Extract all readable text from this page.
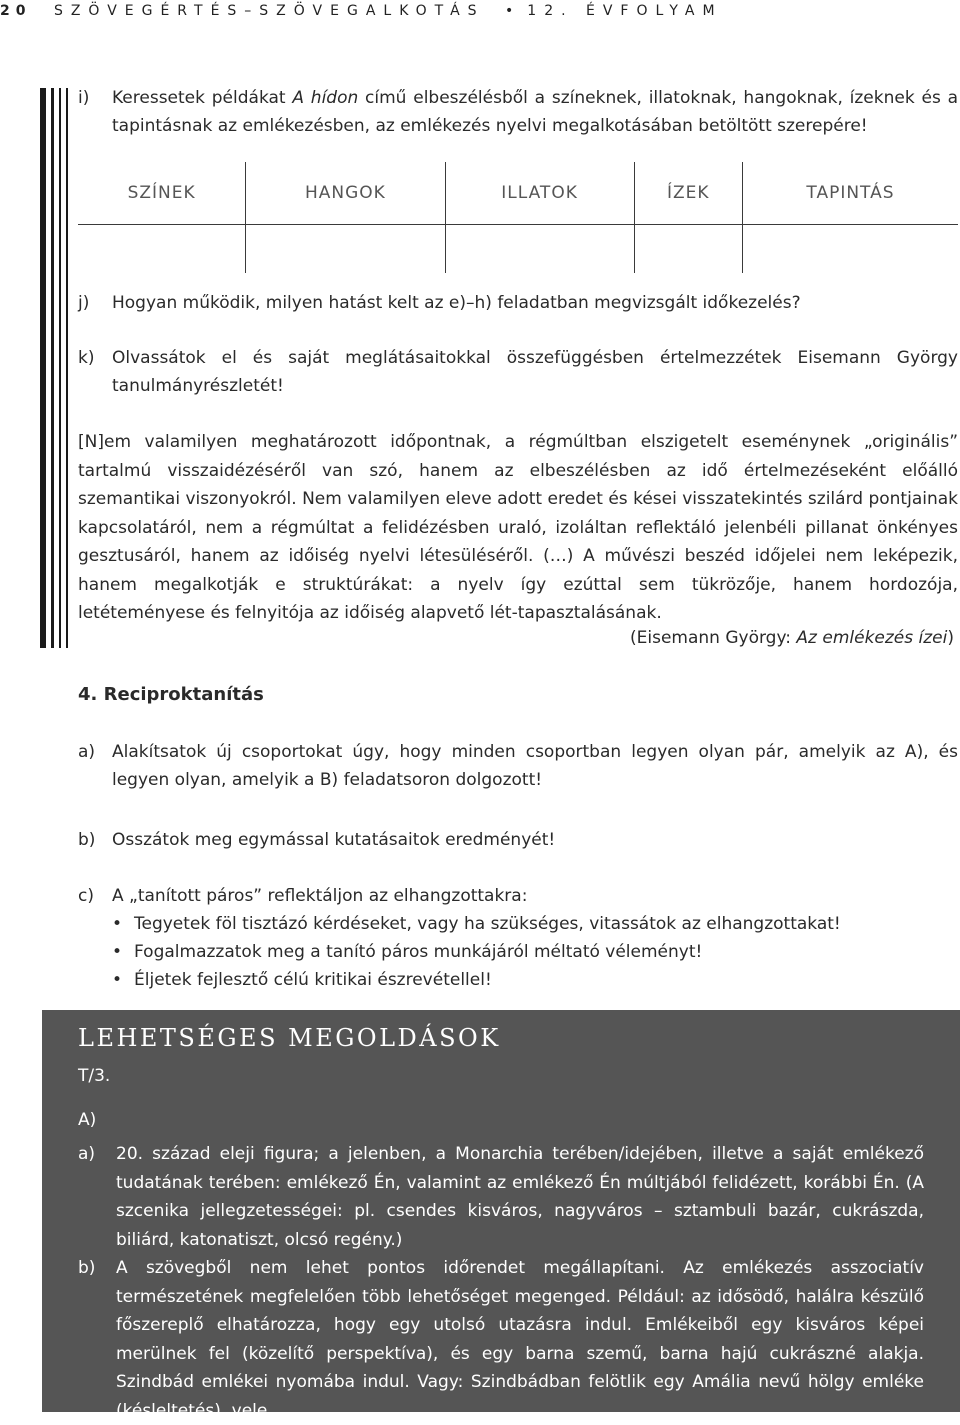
20 SZÖVEGÉRTÉS–SZÖVEGALKOTÁS • 12. ÉVFOLYAM
i) Keressetek példákat A hídon című elbeszélésből a színeknek, illatoknak, hangoknak, ízeknek és a tapintásnak az emlékezésben, az emlékezés nyelvi megalkotásában betöltött szerepére!
SZÍNEK	HANGOK	ILLATOK	ÍZEK	TAPINTÁS

j) Hogyan működik, milyen hatást kelt az e)–h) feladatban megvizsgált időkezelés?
k) Olvassátok el és saját meglátásaitokkal összefüggésben értelmezzétek Eisemann György tanulmányrészletét!
[N]em valamilyen meghatározott időpontnak, a régmúltban elszigetelt eseménynek „originális” tartalmú visszaidézéséről van szó, hanem az elbeszélésben az idő értelmezéseként előálló szemantikai viszonyokról. Nem valamilyen eleve adott eredet és kései visszatekintés szilárd pontjainak kapcsolatáról, nem a régmúltat a felidézésben uraló, izoláltan reflektáló jelenbéli pillanat önkényes gesztusáról, hanem az időiség nyelvi létesüléséről. (…) A művészi beszéd időjelei nem leképezik, hanem megalkotják e struktúrákat: a nyelv így ezúttal sem tükrözője, hanem hordozója, letéteményese és felnyitója az időiség alapvető lét-tapasztalásának.
(Eisemann György: Az emlékezés ízei)
4. Reciproktanítás
a) Alakítsatok új csoportokat úgy, hogy minden csoportban legyen olyan pár, amelyik az A), és legyen olyan, amelyik a B) feladatsoron dolgozott!
b) Osszátok meg egymással kutatásaitok eredményét!
c) A „tanított páros” reflektáljon az elhangzottakra:
• Tegyetek föl tisztázó kérdéseket, vagy ha szükséges, vitassátok az elhangzottakat!
• Fogalmazzatok meg a tanító páros munkájáról méltató véleményt!
• Éljetek fejlesztő célú kritikai észrevétellel!
LEHETSÉGES MEGOLDÁSOK
T/3.
A)
a) 20. század eleji figura; a jelenben, a Monarchia terében/idejében, illetve a saját emlékező tudatának terében: emlékező Én, valamint az emlékező Én múltjából felidézett, korábbi Én. (A szcenika jellegzetességei: pl. csendes kisváros, nagyváros – sztambuli bazár, cukrászda, biliárd, katonatiszt, olcsó regény.)
b) A szövegből nem lehet pontos időrendet megállapítani. Az emlékezés asszociatív természetének megfelelően több lehetőséget megenged. Például: az idősödő, halálra készülő főszereplő elhatározza, hogy egy utolsó utazásra indul. Emlékeiből egy kisváros képei merülnek fel (közelítő perspektíva), és egy barna szemű, barna hajú cukrászné alakja. Szindbád emlékei nyomába indul. Vagy: Szindbádban felötlik egy Amália nevű hölgy emléke (késleltetés), vele
